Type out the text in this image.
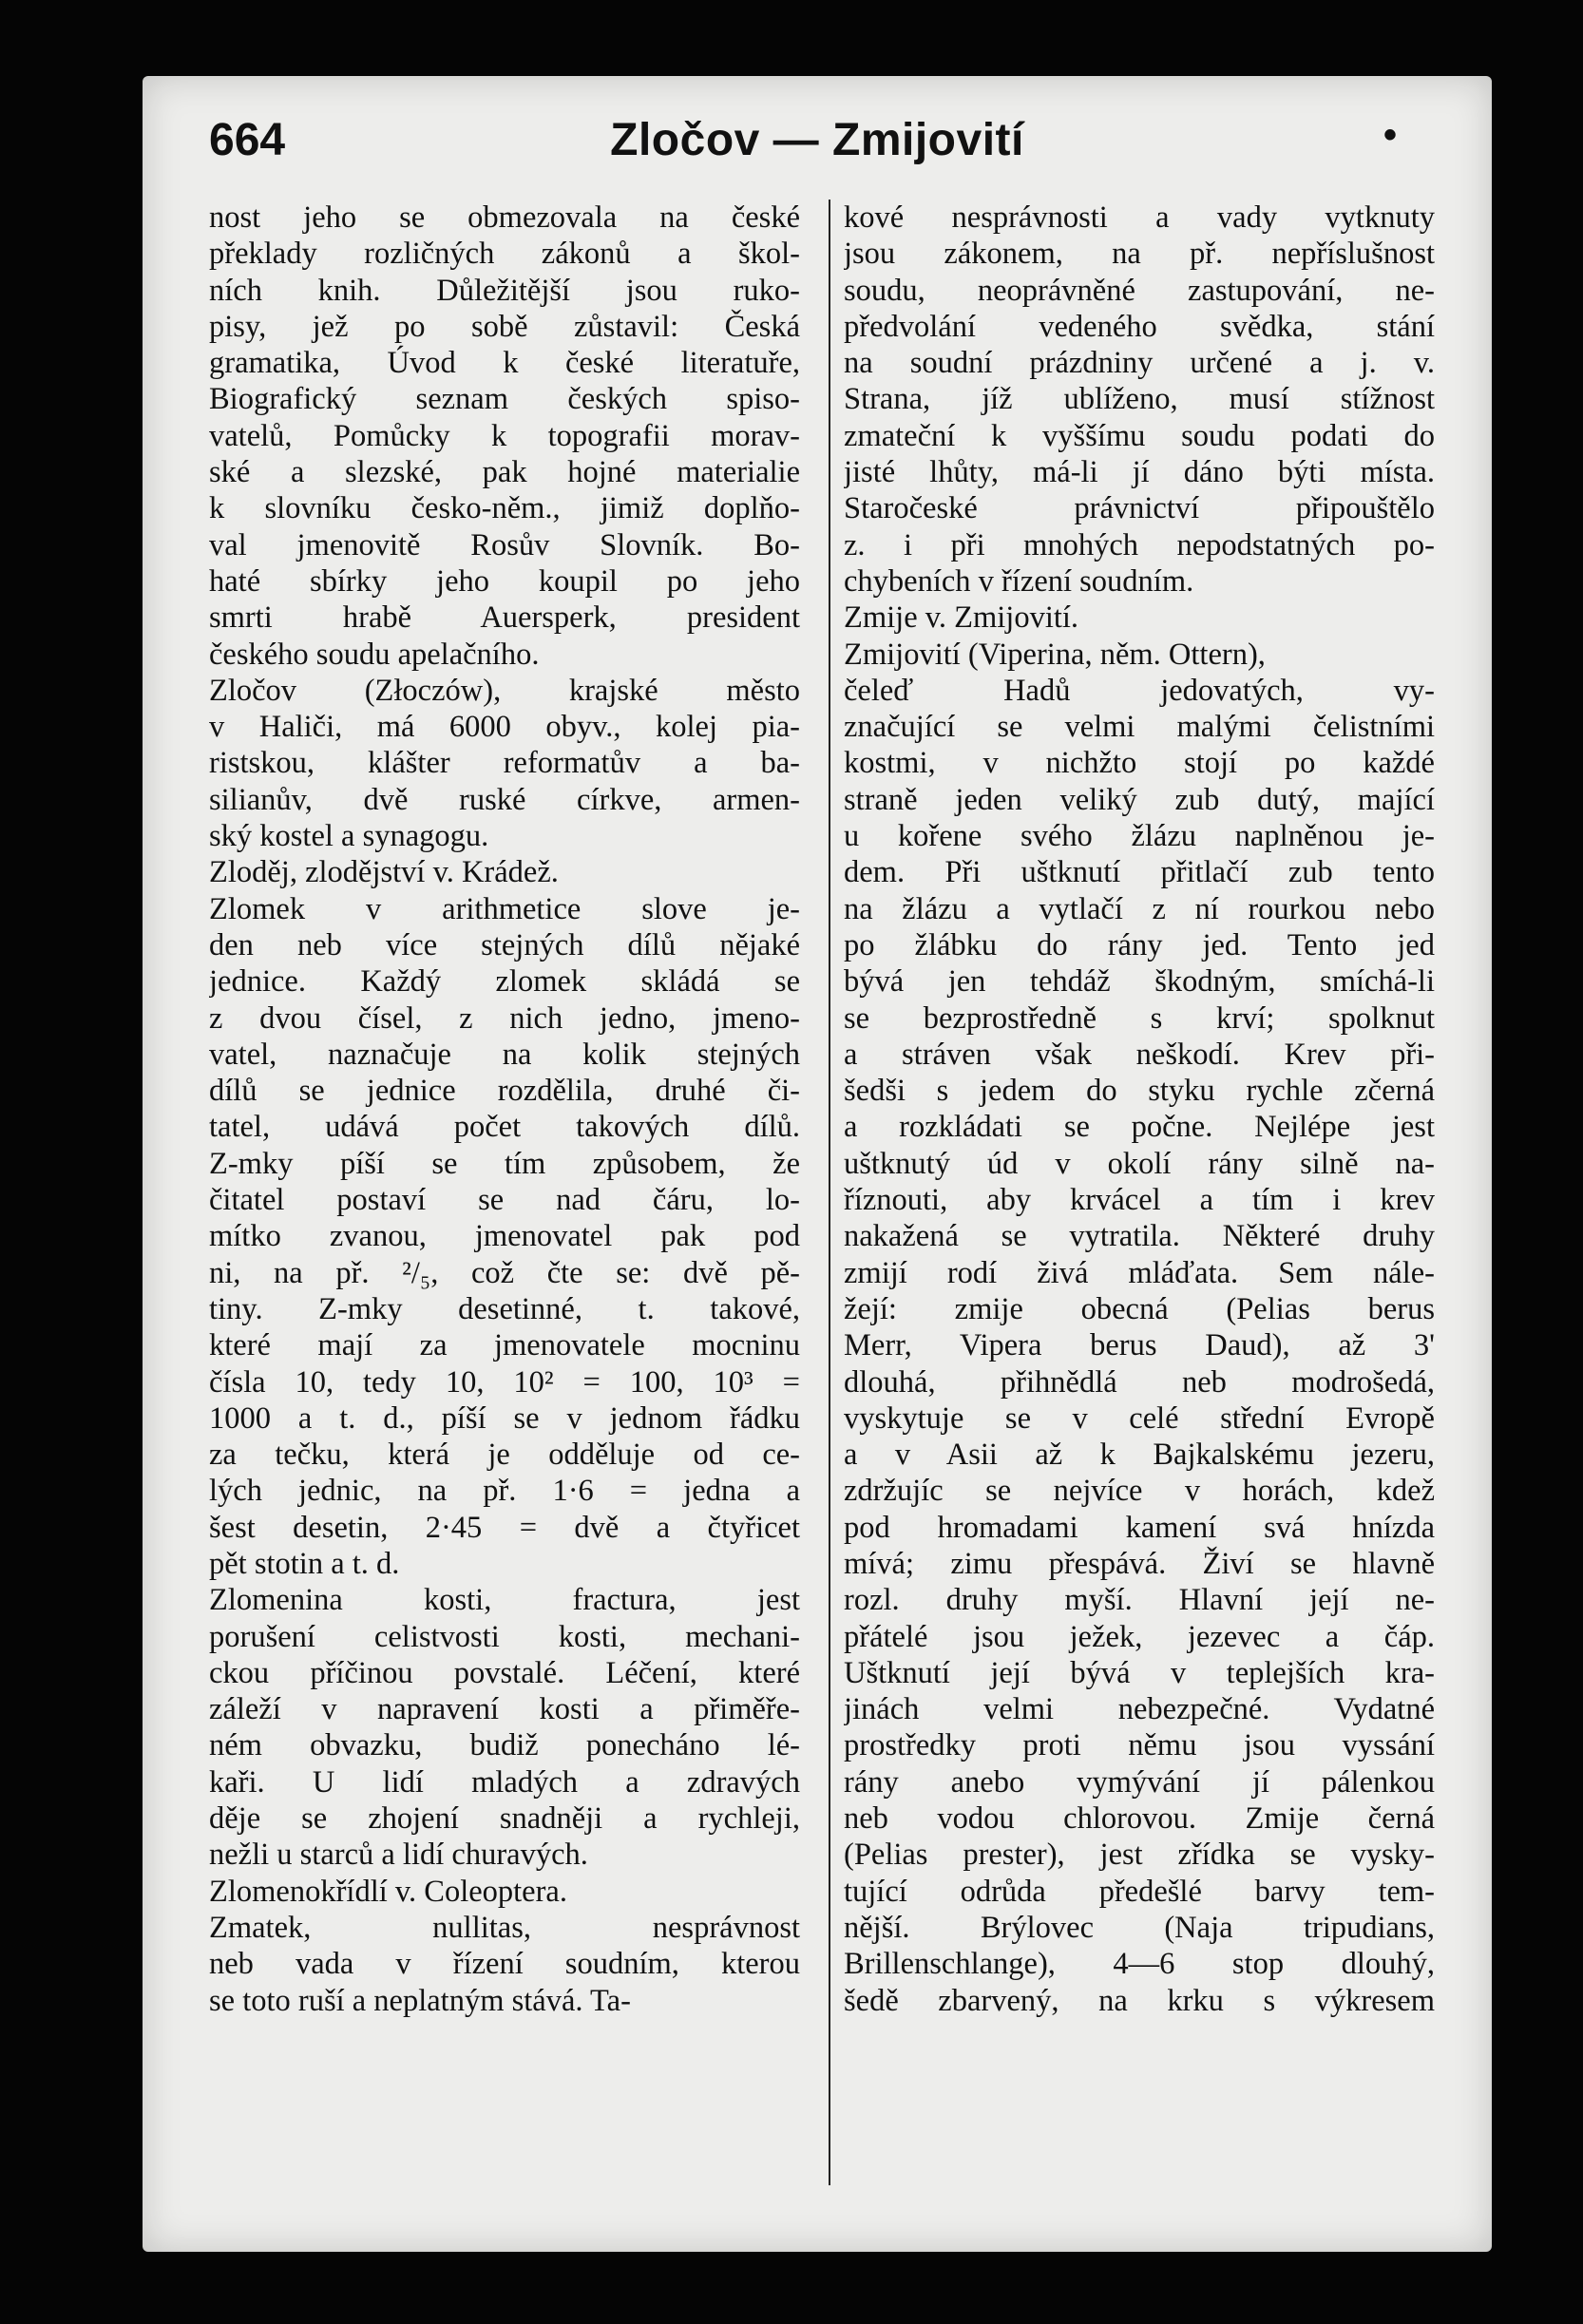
664	Zločov — Zmijovití	•
nost jeho se obmezovala na české
překlady rozličných zákonů a škol-
ních knih. Důležitější jsou ruko-
pisy, jež po sobě zůstavil: Česká
gramatika, Úvod k české literatuře,
Biografický seznam českých spiso-
vatelů, Pomůcky k topografii morav-
ské a slezské, pak hojné materialie
k slovníku česko-něm., jimiž doplňo-
val jmenovitě Rosův Slovník. Bo-
haté sbírky jeho koupil po jeho
smrti hrabě Auersperk, president
českého soudu apelačního.
Zločov (Złoczów), krajské město
v Haliči, má 6000 obyv., kolej pia-
ristskou, klášter reformatův a ba-
silianův, dvě ruské církve, armen-
ský kostel a synagogu.
Zloděj, zlodějství v. Krádež.
Zlomek v arithmetice slove je-
den neb více stejných dílů nějaké
jednice. Každý zlomek skládá se
z dvou čísel, z nich jedno, jmeno-
vatel, naznačuje na kolik stejných
dílů se jednice rozdělila, druhé či-
tatel, udává počet takových dílů.
Z-mky píší se tím způsobem, že
čitatel postaví se nad čáru, lo-
mítko zvanou, jmenovatel pak pod
ni, na př. ²/₅, což čte se: dvě pě-
tiny. Z-mky desetinné, t. takové,
které mají za jmenovatele mocninu
čísla 10, tedy 10, 10² = 100, 10³ =
1000 a t. d., píší se v jednom řádku
za tečku, která je odděluje od ce-
lých jednic, na př. 1·6 = jedna a
šest desetin, 2·45 = dvě a čtyřicet
pět stotin a t. d.
Zlomenina kosti, fractura, jest
porušení celistvosti kosti, mechani-
ckou příčinou povstalé. Léčení, které
záleží v napravení kosti a přiměře-
ném obvazku, budiž ponecháno lé-
kaři. U lidí mladých a zdravých
děje se zhojení snadněji a rychleji,
nežli u starců a lidí churavých.
Zlomenokřídlí v. Coleoptera.
Zmatek, nullitas, nesprávnost
neb vada v řízení soudním, kterou
se toto ruší a neplatným stává. Ta-
kové nesprávnosti a vady vytknuty
jsou zákonem, na př. nepříslušnost
soudu, neoprávněné zastupování, ne-
předvolání vedeného svědka, stání
na soudní prázdniny určené a j. v.
Strana, jíž ublíženo, musí stížnost
zmateční k vyššímu soudu podati do
jisté lhůty, má-li jí dáno býti místa.
Staročeské právnictví připouštělo
z. i při mnohých nepodstatných po-
chybeních v řízení soudním.
Zmije v. Zmijovití.
Zmijovití (Viperina, něm. Ottern),
čeleď Hadů jedovatých, vy-
značující se velmi malými čelistními
kostmi, v nichžto stojí po každé
straně jeden veliký zub dutý, mající
u kořene svého žlázu naplněnou je-
dem. Při uštknutí přitlačí zub tento
na žlázu a vytlačí z ní rourkou nebo
po žlábku do rány jed. Tento jed
bývá jen tehdáž škodným, smíchá-li
se bezprostředně s krví; spolknut
a stráven však neškodí. Krev při-
šedši s jedem do styku rychle zčerná
a rozkládati se počne. Nejlépe jest
uštknutý úd v okolí rány silně na-
říznouti, aby krvácel a tím i krev
nakažená se vytratila. Některé druhy
zmijí rodí živá mláďata. Sem nále-
žejí: zmije obecná (Pelias berus
Merr, Vipera berus Daud), až 3'
dlouhá, přihnědlá neb modrošedá,
vyskytuje se v celé střední Evropě
a v Asii až k Bajkalskému jezeru,
zdržujíc se nejvíce v horách, kdež
pod hromadami kamení svá hnízda
mívá; zimu přespává. Živí se hlavně
rozl. druhy myší. Hlavní její ne-
přátelé jsou ježek, jezevec a čáp.
Uštknutí její bývá v teplejších kra-
jinách velmi nebezpečné. Vydatné
prostředky proti němu jsou vyssání
rány anebo vymývání jí pálenkou
neb vodou chlorovou. Zmije černá
(Pelias prester), jest zřídka se vysky-
tující odrůda předešlé barvy tem-
nější. Brýlovec (Naja tripudians,
Brillenschlange), 4—6 stop dlouhý,
šedě zbarvený, na krku s výkresem
